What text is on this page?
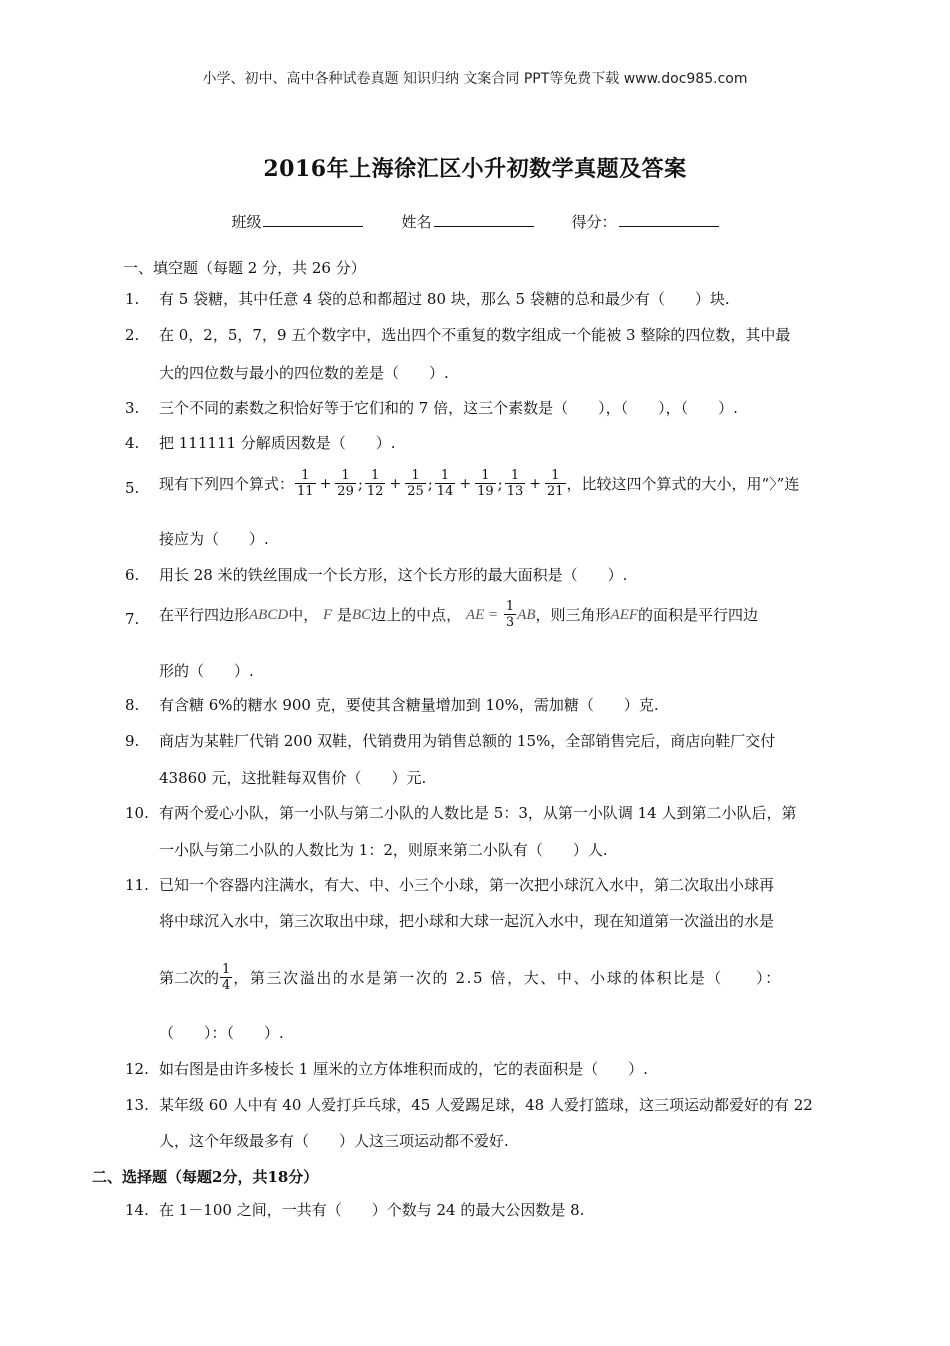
小学、初中、高中各种试卷真题 知识归纳 文案合同 PPT等免费下载 www.doc985.com
2016年上海徐汇区小升初数学真题及答案
班级	姓名	得分：
一、填空题（每题 2 分，共 26 分）
1. 有 5 袋糖，其中任意 4 袋的总和都超过 80 块，那么 5 袋糖的总和最少有（　　）块.
2. 在 0，2，5，7，9 五个数字中，选出四个不重复的数字组成一个能被 3 整除的四位数，其中最
大的四位数与最小的四位数的差是（　　）.
3. 三个不同的素数之积恰好等于它们和的 7 倍，这三个素数是（　　），（　　），（　　）.
4. 把 111111 分解质因数是（　　）.
5. 现有下列四个算式： $\frac{1}{11} + \frac{1}{29}$ ; $\frac{1}{12} + \frac{1}{25}$ ; $\frac{1}{14} + \frac{1}{19}$ ; $\frac{1}{13} + \frac{1}{21}$ ，比较这四个算式的大小，用“〉”连
接应为（　　）.
6. 用长 28 米的铁丝围成一个长方形，这个长方形的最大面积是（　　）.
7. 在平行四边形 ABCD 中，
F
是 BC 边上的中点，
AE =
$\frac{1}{3}$ AB ，则三角形 AEF 的面积是平行四边
形的（　　）.
8. 有含糖 6%的糖水 900 克，要使其含糖量增加到 10%，需加糖（　　）克.
9. 商店为某鞋厂代销 200 双鞋，代销费用为销售总额的 15%，全部销售完后，商店向鞋厂交付
43860 元，这批鞋每双售价（　　）元.
10. 有两个爱心小队，第一小队与第二小队的人数比是 5：3，从第一小队调 14 人到第二小队后，第
一小队与第二小队的人数比为 1：2，则原来第二小队有（　　）人.
11. 已知一个容器内注满水，有大、中、小三个小球，第一次把小球沉入水中，第二次取出小球再
将中球沉入水中，第三次取出中球，把小球和大球一起沉入水中，现在知道第一次溢出的水是
第二次的 $\frac{1}{4}$ ，第三次溢出的水是第一次的 2.5 倍，大、中、小球的体积比是（　　）：
（　　）：（　　）.
12. 如右图是由许多棱长 1 厘米的立方体堆积而成的，它的表面积是（　　）.
13. 某年级 60 人中有 40 人爱打乒乓球，45 人爱踢足球，48 人爱打篮球，这三项运动都爱好的有 22
人，这个年级最多有（　　）人这三项运动都不爱好.
二、选择题（每题2分，共18分）
14. 在 1－100 之间，一共有（　　）个数与 24 的最大公因数是 8.
